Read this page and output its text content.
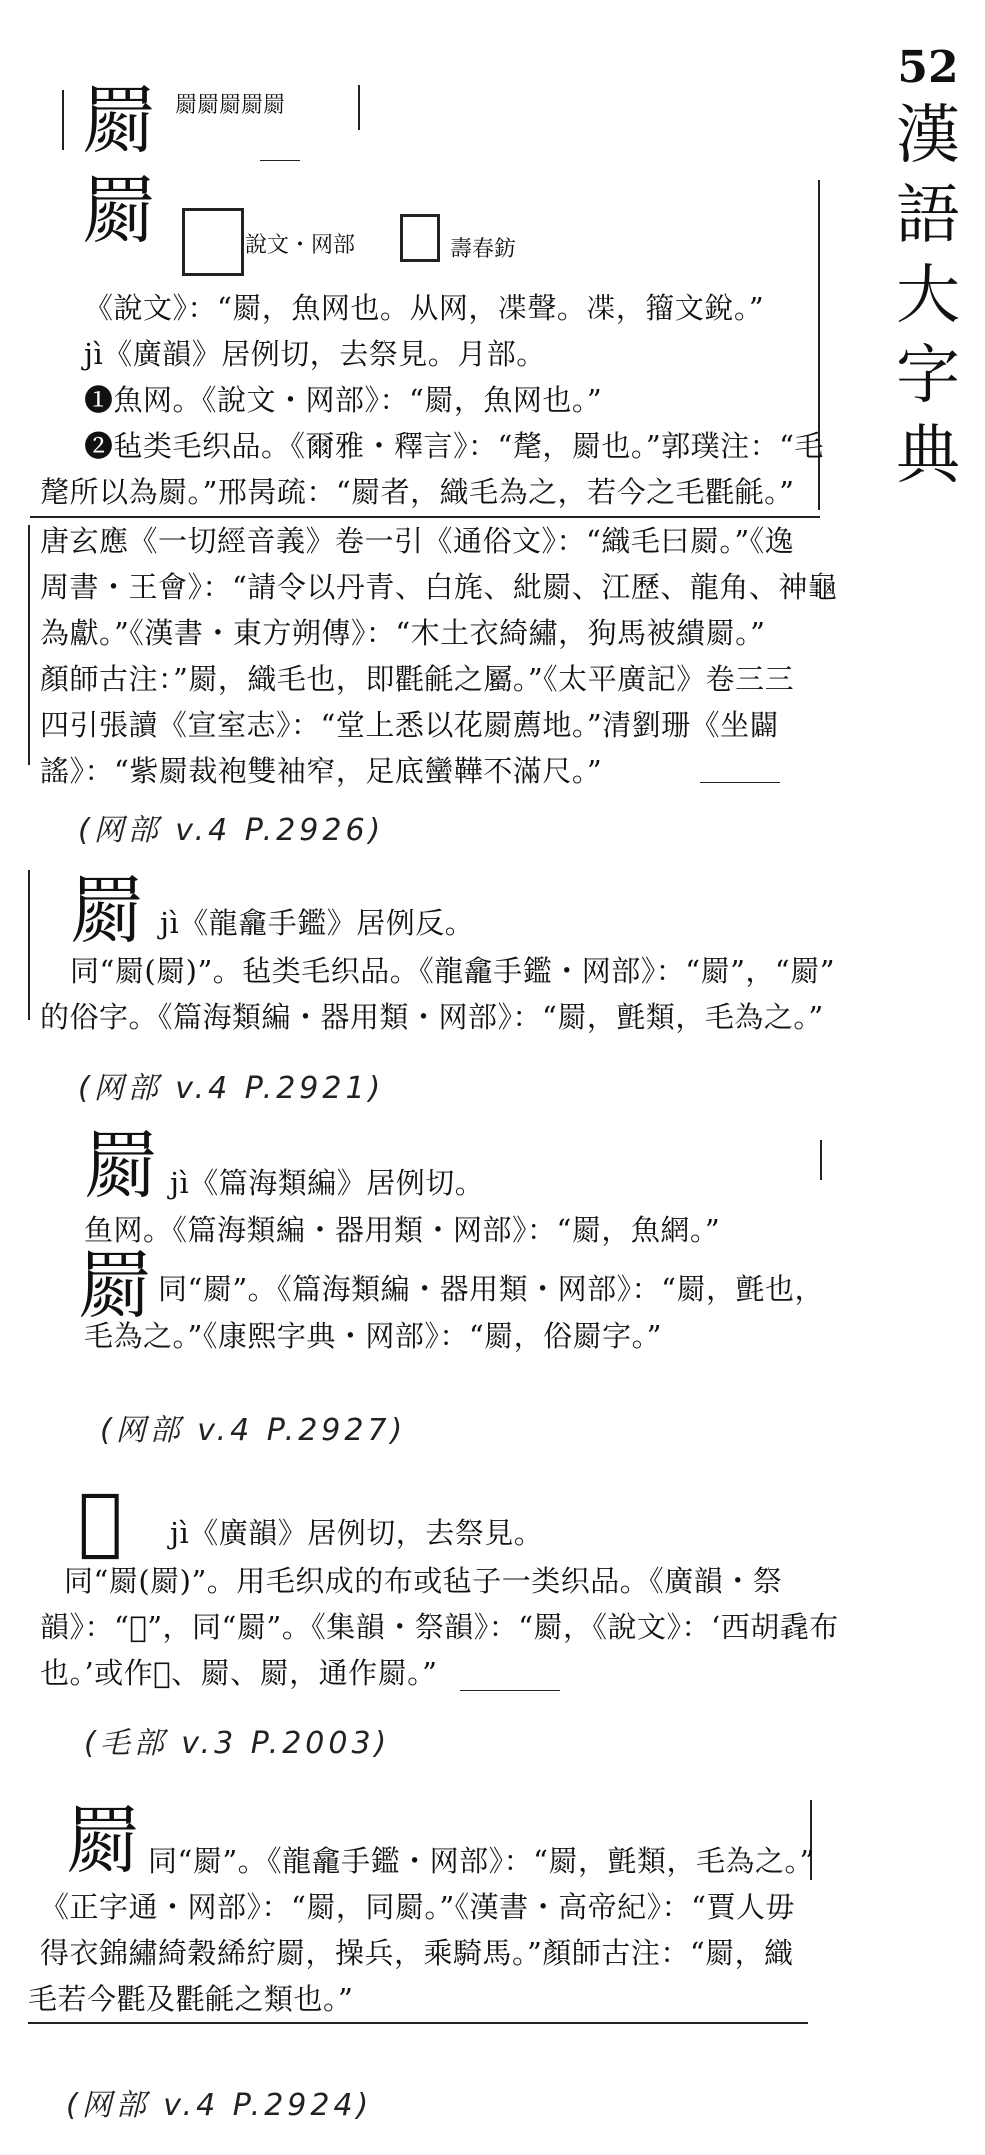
52
漢
語
大
字
典
罽 罽罽罽罽罽
罽	說文・网部	壽春鈁
《說文》：“罽，魚网也。从网，𠗨聲。𠗨，籀文銳。”
jì《廣韻》居例切，去祭見。月部。
❶魚网。《說文・网部》：“罽，魚网也。”
❷毡类毛织品。《爾雅・釋言》：“氂，罽也。”郭璞注：“毛
氂所以為罽。”邢昺疏：“罽者，織毛為之，若今之毛氍毹。”
唐玄應《一切經音義》卷一引《通俗文》：“織毛曰罽。”《逸
周書・王會》：“請令以丹青、白旄、紕罽、江歷、龍角、神龜
為獻。”《漢書・東方朔傳》：“木土衣綺繡，狗馬被繢罽。”
顏師古注：”罽，織毛也，即氍毹之屬。”《太平廣記》卷三三
四引張讀《宣室志》：“堂上悉以花罽薦地。”清劉珊《坐闢
謠》：“紫罽裁袍雙袖窄，足底蠻鞾不滿尺。”
(网部 v.4 P.2926)
罽 jì《龍龕手鑑》居例反。
同“罽(罽)”。毡类毛织品。《龍龕手鑑・网部》：“罽”，“罽”
的俗字。《篇海類編・器用類・网部》：“罽，氈類，毛為之。”
(网部 v.4 P.2921)
罽 jì《篇海類編》居例切。
鱼网。《篇海類編・器用類・网部》：“罽，魚網。”
罽 同“罽”。《篇海類編・器用類・网部》：“罽，氈也，
毛為之。”《康熙字典・网部》：“罽，俗罽字。”
(网部 v.4 P.2927)
𣰆 jì《廣韻》居例切，去祭見。
同“罽(罽)”。用毛织成的布或毡子一类织品。《廣韻・祭
韻》：“𣰆”，同“罽”。《集韻・祭韻》：“罽，《說文》：‘西胡毳布
也。’或作𣰆、罽、罽，通作罽。”
(毛部 v.3 P.2003)
罽 同“罽”。《龍龕手鑑・网部》：“罽，氈類，毛為之。”
《正字通・网部》：“罽，同罽。”《漢書・高帝紀》：“賈人毋
得衣錦繡綺穀絺紵罽，操兵，乘騎馬。”顏師古注：“罽，織
毛若今氍及氍毹之類也。”
(网部 v.4 P.2924)
